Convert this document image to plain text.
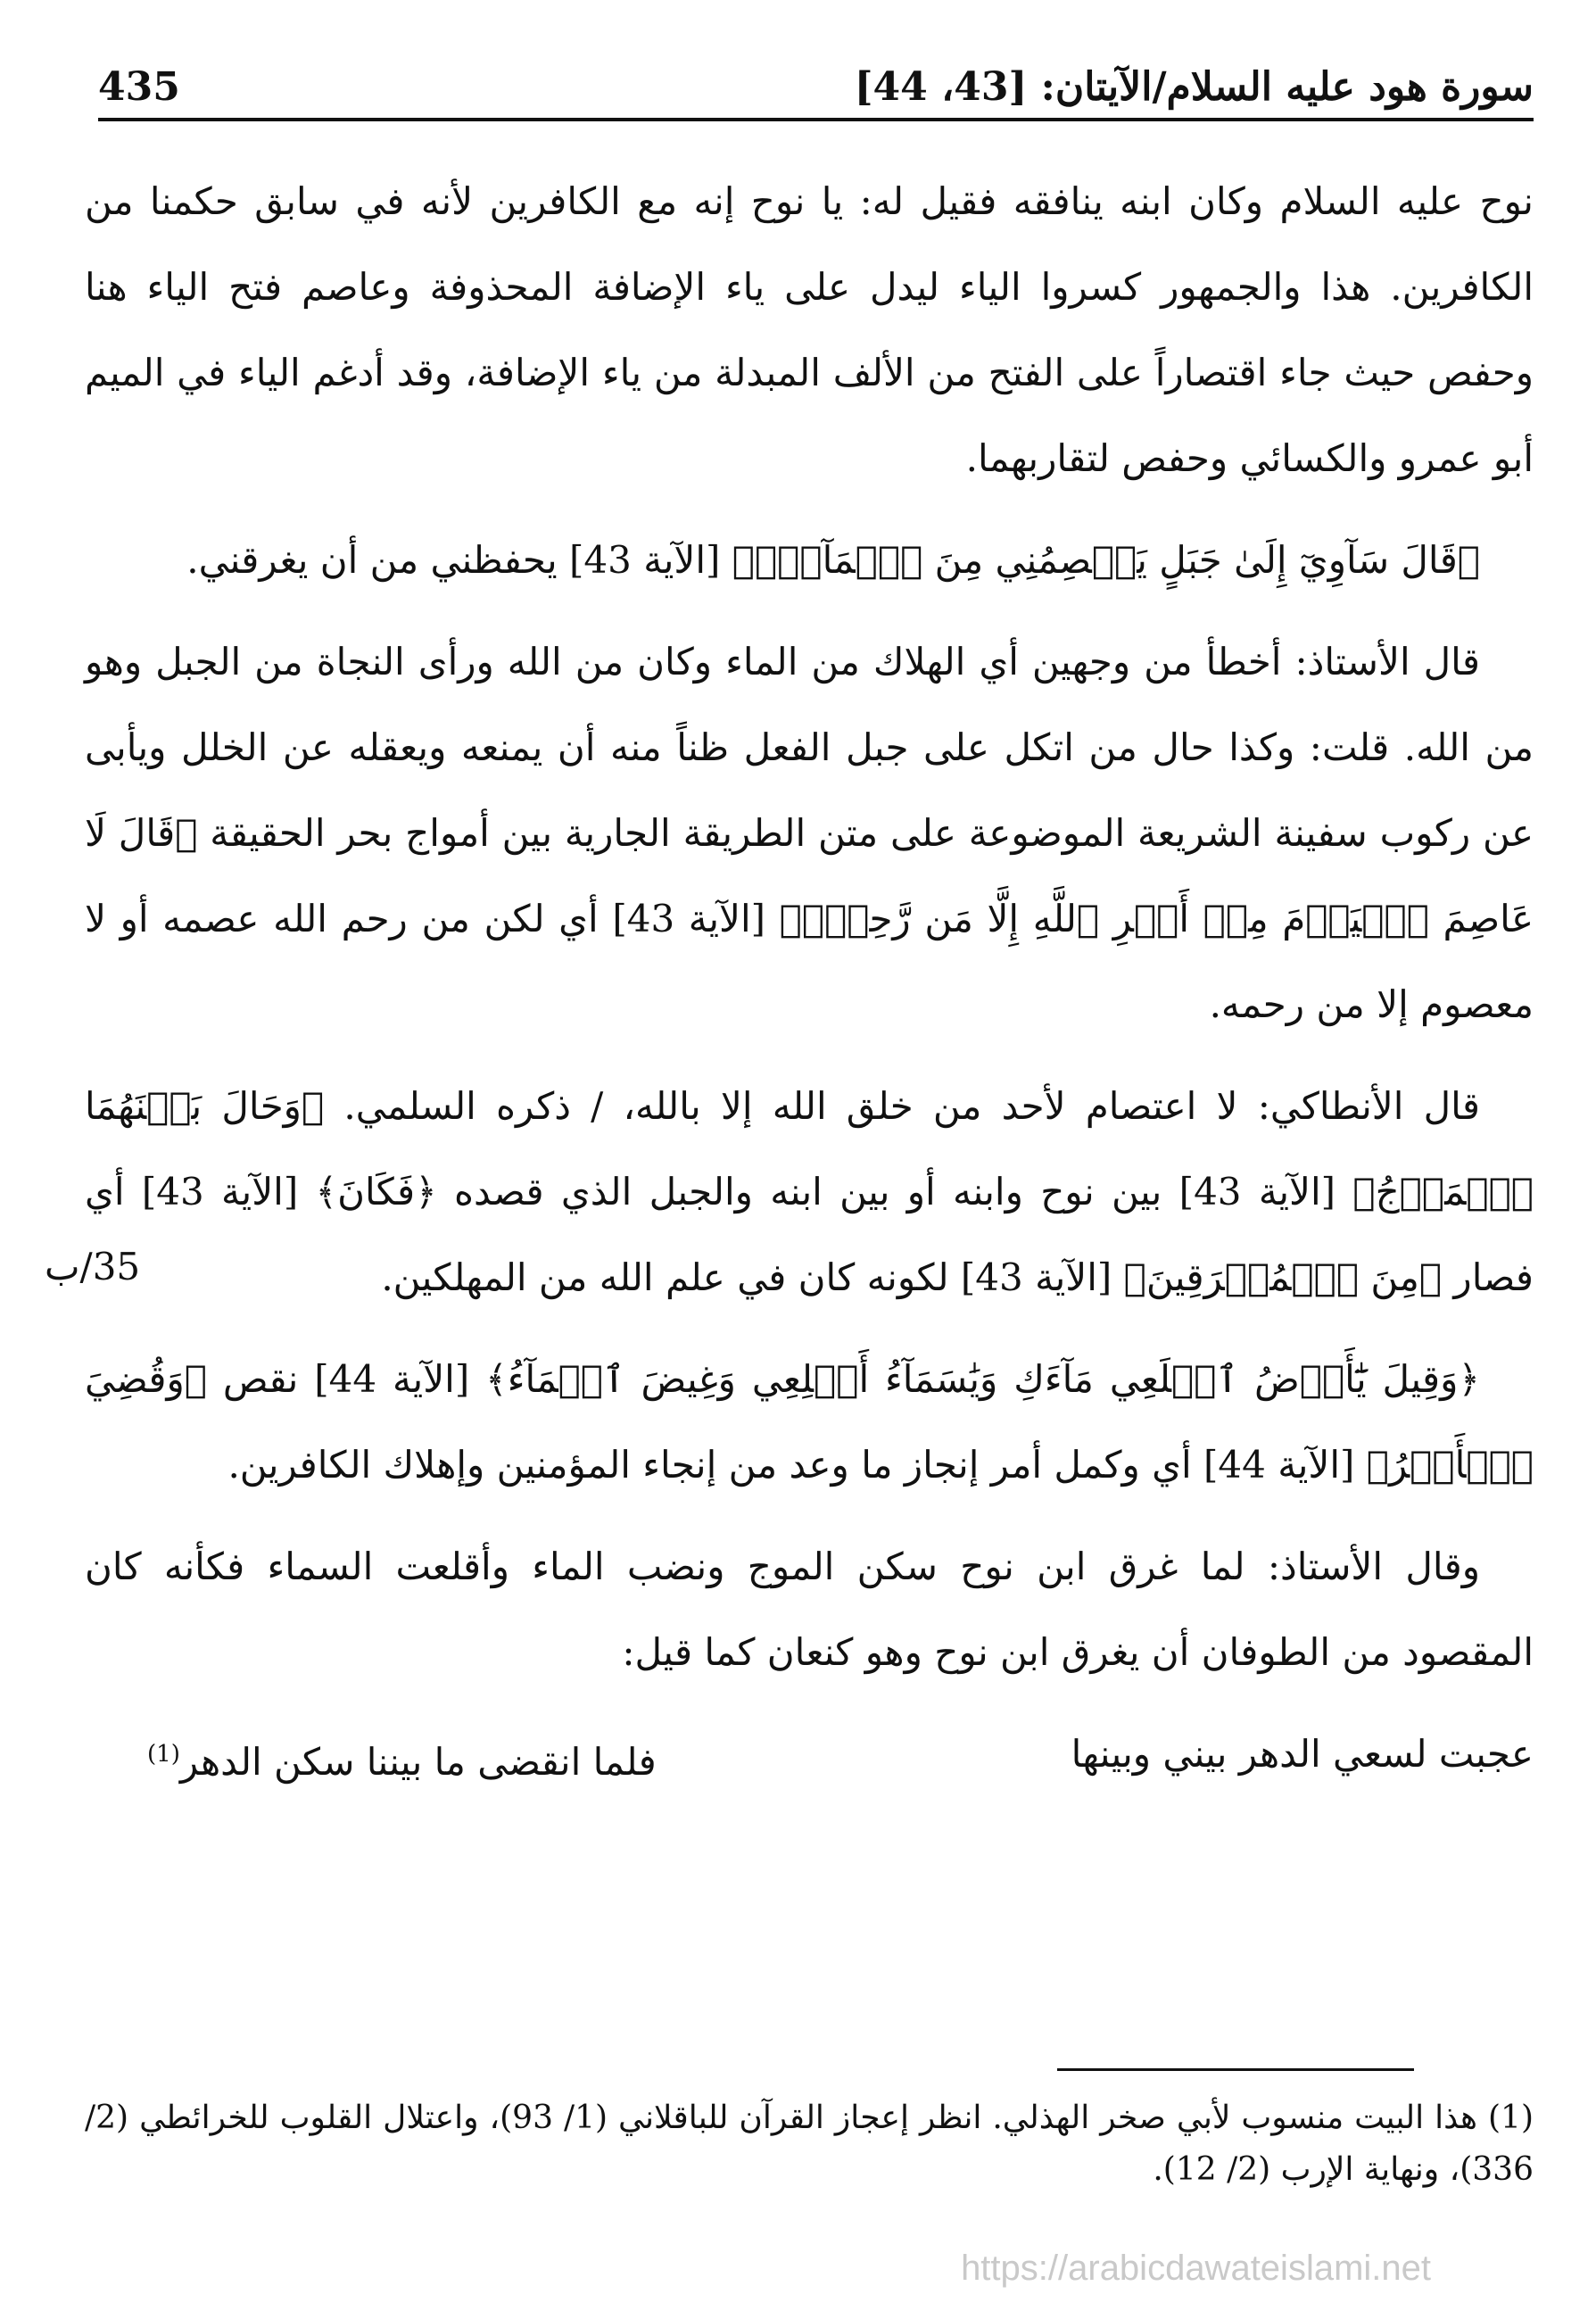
435	سورة هود عليه السلام/الآيتان: [43، 44]
35/ب

نوح عليه السلام وكان ابنه ينافقه فقيل له: يا نوح إنه مع الكافرين لأنه في سابق حكمنا من الكافرين. هذا والجمهور كسروا الياء ليدل على ياء الإضافة المحذوفة وعاصم فتح الياء هنا وحفص حيث جاء اقتصاراً على الفتح من الألف المبدلة من ياء الإضافة، وقد أدغم الياء في الميم أبو عمرو والكسائي وحفص لتقاربهما.

﴿قَالَ سَآوِيٓ إِلَىٰ جَبَلٍ يَعۡصِمُنِي مِنَ ٱلۡمَآءِۚ﴾ [الآية 43] يحفظني من أن يغرقني.

قال الأستاذ: أخطأ من وجهين أي الهلاك من الماء وكان من الله ورأى النجاة من الجبل وهو من الله. قلت: وكذا حال من اتكل على جبل الفعل ظناً منه أن يمنعه ويعقله عن الخلل ويأبى عن ركوب سفينة الشريعة الموضوعة على متن الطريقة الجارية بين أمواج بحر الحقيقة ﴿قَالَ لَا عَاصِمَ ٱلۡيَوۡمَ مِنۡ أَمۡرِ ٱللَّهِ إِلَّا مَن رَّحِمَۚ﴾ [الآية 43] أي لكن من رحم الله عصمه أو لا معصوم إلا من رحمه.

قال الأنطاكي: لا اعتصام لأحد من خلق الله إلا بالله، / ذكره السلمي. ﴿وَحَالَ بَيۡنَهُمَا ٱلۡمَوۡجُ﴾ [الآية 43] بين نوح وابنه أو بين ابنه والجبل الذي قصده ﴿فَكَانَ﴾ [الآية 43] أي فصار ﴿مِنَ ٱلۡمُغۡرَقِينَ﴾ [الآية 43] لكونه كان في علم الله من المهلكين.

﴿وَقِيلَ يَٰٓأَرۡضُ ٱبۡلَعِي مَآءَكِ وَيَٰسَمَآءُ أَقۡلِعِي وَغِيضَ ٱلۡمَآءُ﴾ [الآية 44] نقص ﴿وَقُضِيَ ٱلۡأَمۡرُ﴾ [الآية 44] أي وكمل أمر إنجاز ما وعد من إنجاء المؤمنين وإهلاك الكافرين.

وقال الأستاذ: لما غرق ابن نوح سكن الموج ونضب الماء وأقلعت السماء فكأنه كان المقصود من الطوفان أن يغرق ابن نوح وهو كنعان كما قيل:

عجبت لسعي الدهر بيني وبينها
فلما انقضى ما بيننا سكن الدهر$^{(1)}$

(1) هذا البيت منسوب لأبي صخر الهذلي. انظر إعجاز القرآن للباقلاني (1/ 93)، واعتلال القلوب للخرائطي (2/ 336)، ونهاية الإرب (2/ 12).

https://arabicdawateislami.net
